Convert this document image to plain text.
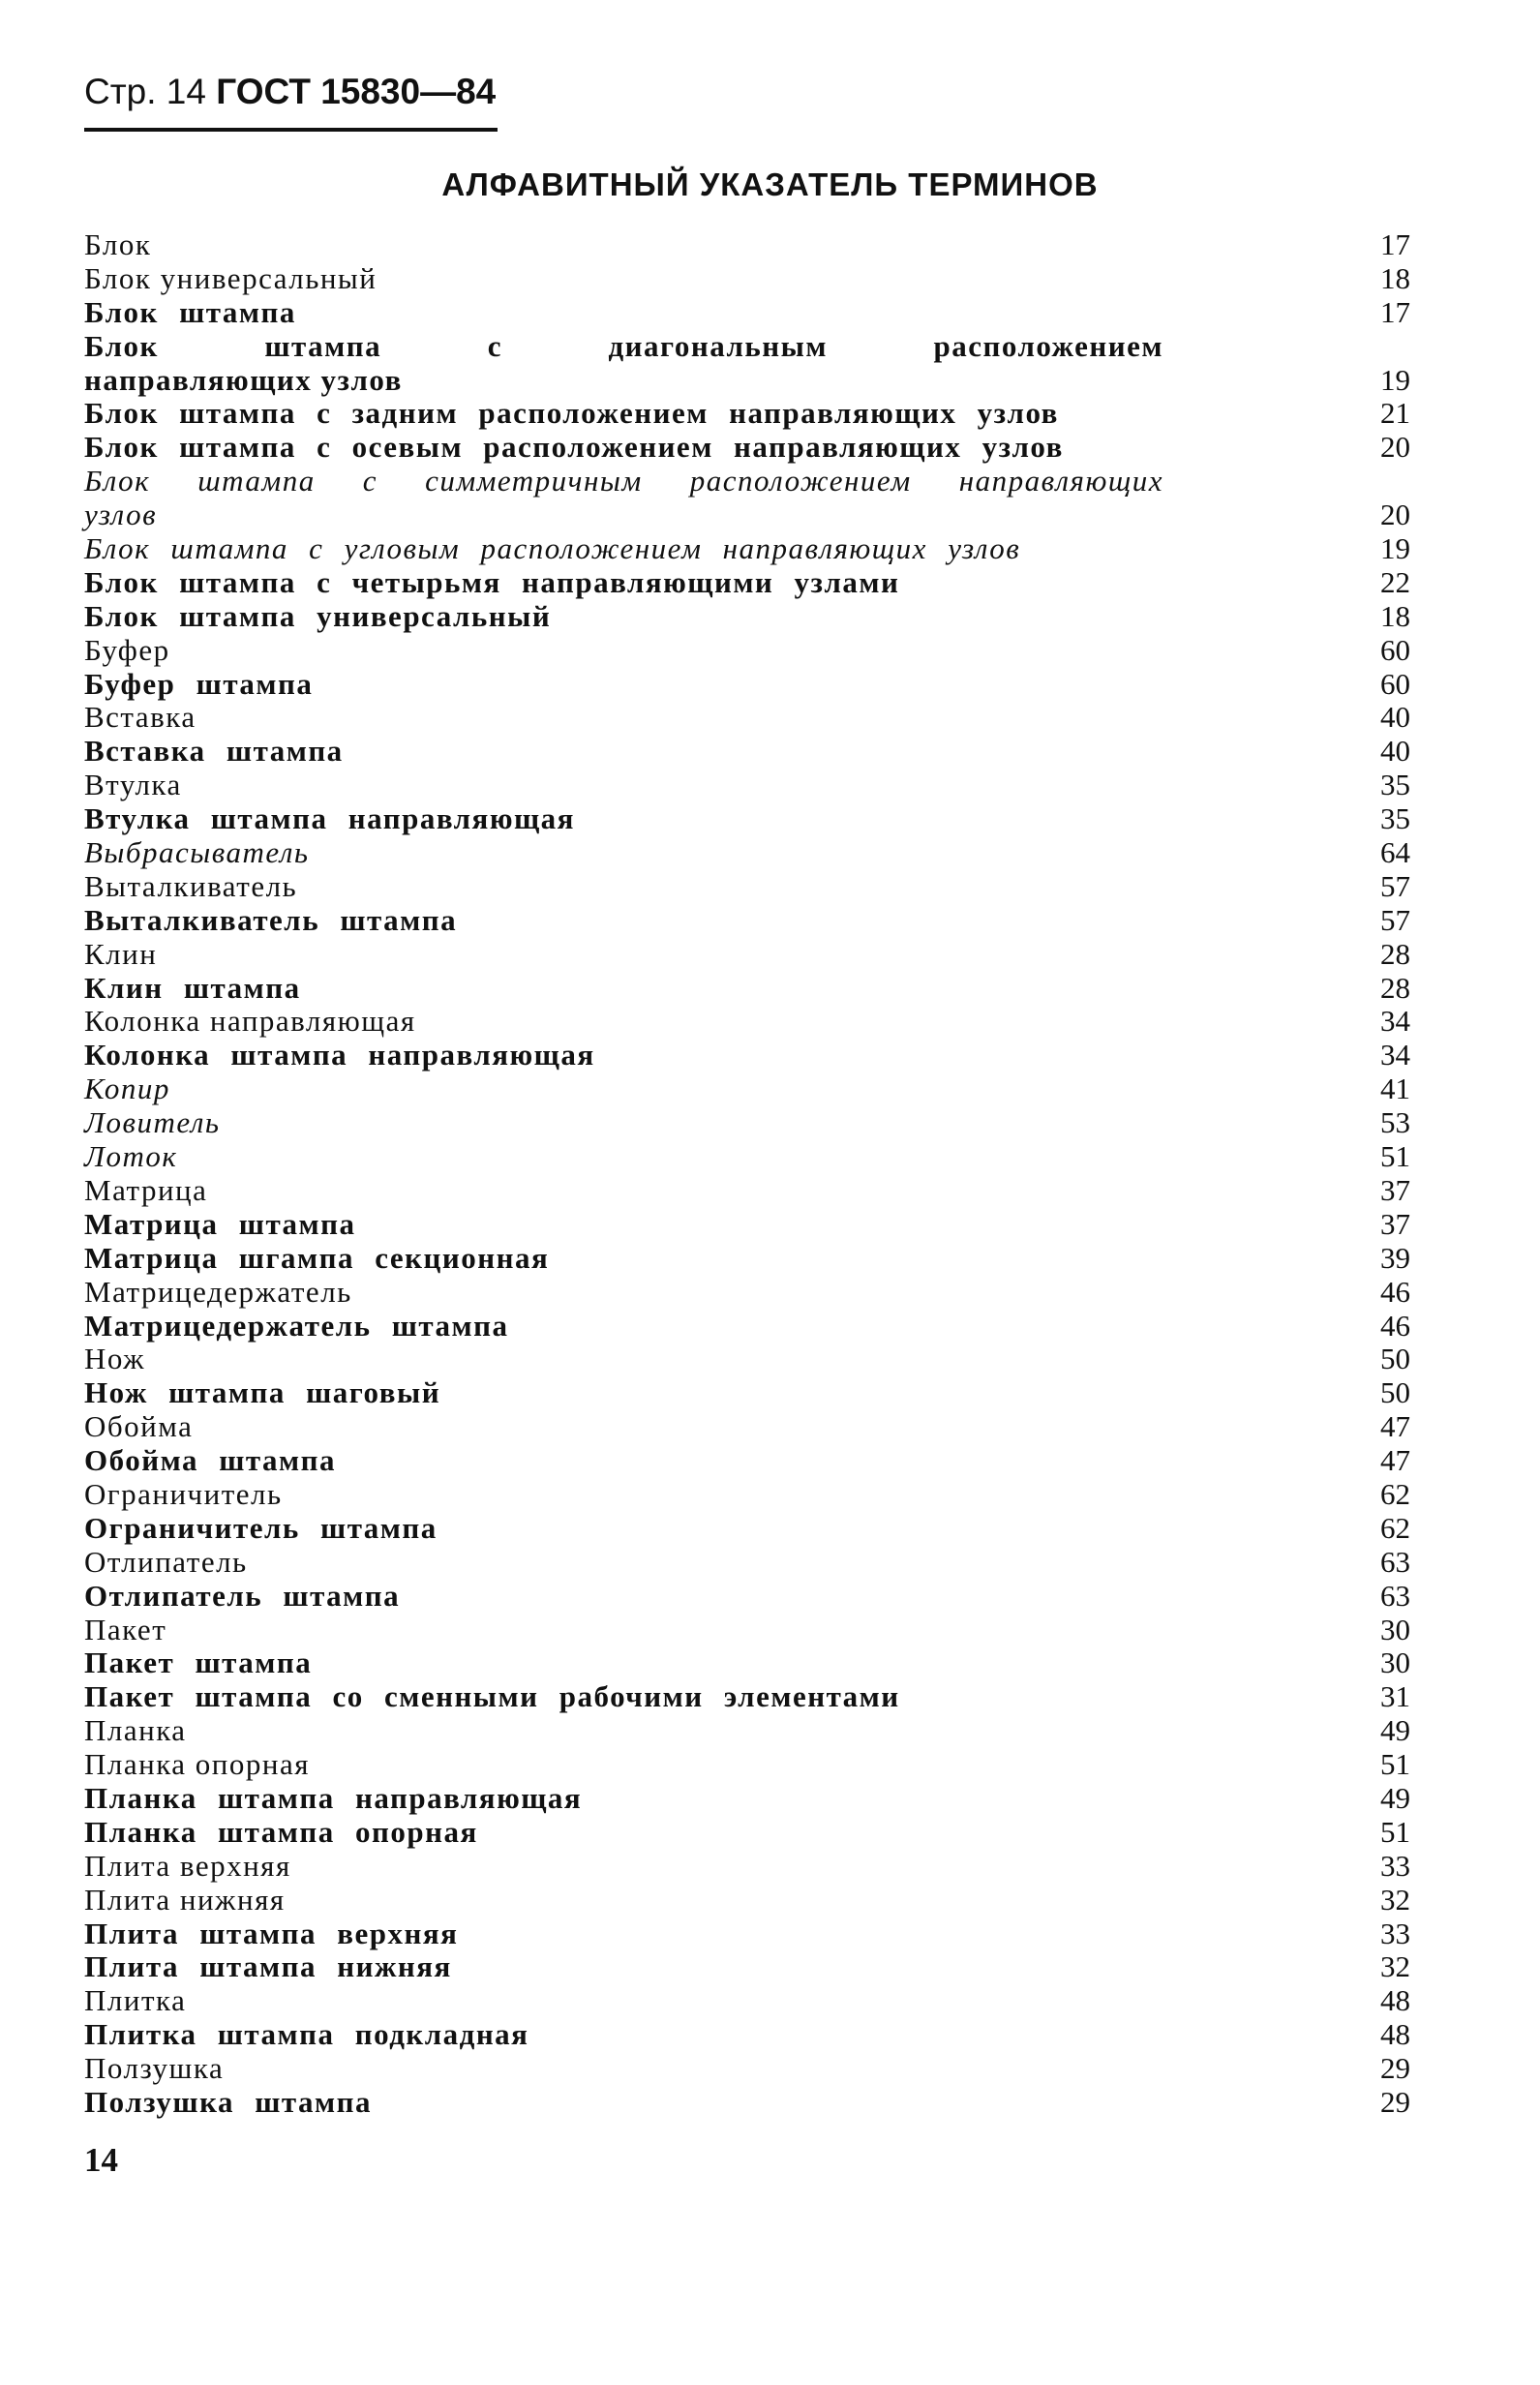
Стр. 14 ГОСТ 15830—84
АЛФАВИТНЫЙ УКАЗАТЕЛЬ ТЕРМИНОВ
Блок	17
Блок универсальный	18
Блок штампа	17
Блок штампа с диагональным расположением
направляющих узлов	19
Блок штампа с задним расположением направляющих узлов	21
Блок штампа с осевым расположением направляющих узлов	20
Блок штампа с симметричным расположением направляющих
узлов	20
Блок штампа с угловым расположением направляющих узлов	19
Блок штампа с четырьмя направляющими узлами	22
Блок штампа универсальный	18
Буфер	60
Буфер штампа	60
Вставка	40
Вставка штампа	40
Втулка	35
Втулка штампа направляющая	35
Выбрасыватель	64
Выталкиватель	57
Выталкиватель штампа	57
Клин	28
Клин штампа	28
Колонка направляющая	34
Колонка штампа направляющая	34
Копир	41
Ловитель	53
Лоток	51
Матрица	37
Матрица штампа	37
Матрица шгампа секционная	39
Матрицедержатель	46
Матрицедержатель штампа	46
Нож	50
Нож штампа шаговый	50
Обойма	47
Обойма штампа	47
Ограничитель	62
Ограничитель штампа	62
Отлипатель	63
Отлипатель штампа	63
Пакет	30
Пакет штампа	30
Пакет штампа со сменными рабочими элементами	31
Планка	49
Планка опорная	51
Планка штампа направляющая	49
Планка штампа опорная	51
Плита верхняя	33
Плита нижняя	32
Плита штампа верхняя	33
Плита штампа нижняя	32
Плитка	48
Плитка штампа подкладная	48
Ползушка	29
Ползушка штампа	29
14
